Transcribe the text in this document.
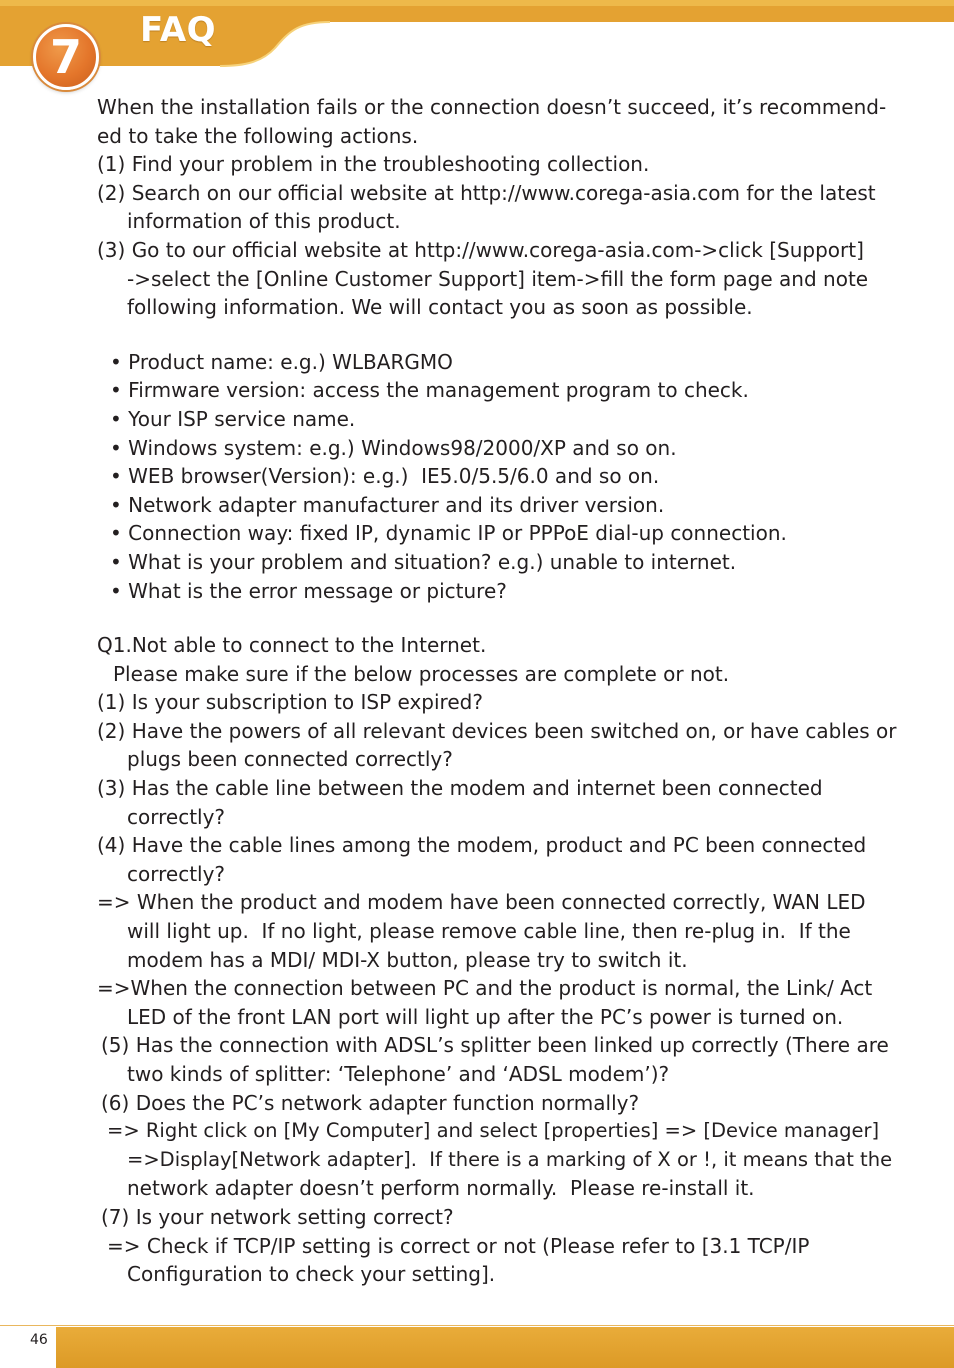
7	FAQ
When the installation fails or the connection doesn’t succeed, it’s recommend-
ed to take the following actions.
(1) Find your problem in the troubleshooting collection.
(2) Search on our official website at http://www.corega-asia.com for the latest
information of this product.
(3) Go to our official website at http://www.corega-asia.com->click [Support]
->select the [Online Customer Support] item->fill the form page and note
following information. We will contact you as soon as possible.
• Product name: e.g.) WLBARGMO
• Firmware version: access the management program to check.
• Your ISP service name.
• Windows system: e.g.) Windows98/2000/XP and so on.
• WEB browser(Version): e.g.)  IE5.0/5.5/6.0 and so on.
• Network adapter manufacturer and its driver version.
• Connection way: fixed IP, dynamic IP or PPPoE dial-up connection.
• What is your problem and situation? e.g.) unable to internet.
• What is the error message or picture?
Q1.Not able to connect to the Internet.
Please make sure if the below processes are complete or not.
(1) Is your subscription to ISP expired?
(2) Have the powers of all relevant devices been switched on, or have cables or
plugs been connected correctly?
(3) Has the cable line between the modem and internet been connected
correctly?
(4) Have the cable lines among the modem, product and PC been connected
correctly?
=> When the product and modem have been connected correctly, WAN LED
will light up.  If no light, please remove cable line, then re-plug in.  If the
modem has a MDI/ MDI-X button, please try to switch it.
=>When the connection between PC and the product is normal, the Link/ Act
LED of the front LAN port will light up after the PC’s power is turned on.
(5) Has the connection with ADSL’s splitter been linked up correctly (There are
two kinds of splitter: ‘Telephone’ and ‘ADSL modem’)?
(6) Does the PC’s network adapter function normally?
=> Right click on [My Computer] and select [properties] => [Device manager]
=>Display[Network adapter].  If there is a marking of X or !, it means that the
network adapter doesn’t perform normally.  Please re-install it.
(7) Is your network setting correct?
=> Check if TCP/IP setting is correct or not (Please refer to [3.1 TCP/IP
Configuration to check your setting].
46
